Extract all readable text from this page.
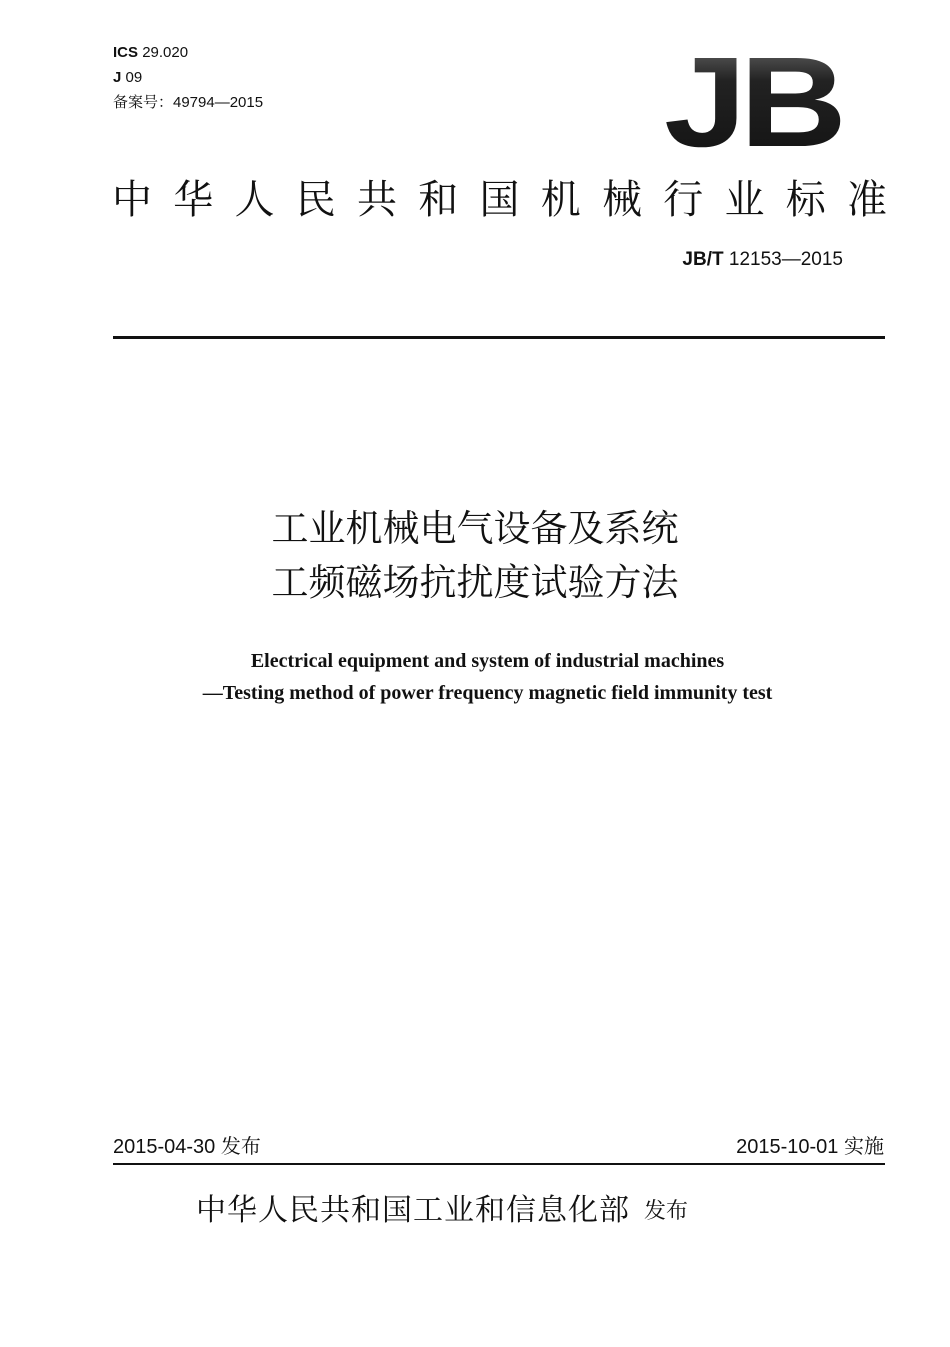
ICS 29.020
J 09
备案号：49794—2015	JB
中 华 人 民 共 和 国 机 械 行 业 标 准
JB/T 12153—2015
工业机械电气设备及系统
工频磁场抗扰度试验方法
Electrical equipment and system of industrial machines
—Testing method of power frequency magnetic field immunity test
2015-04-30 发布	2015-10-01 实施
中华人民共和国工业和信息化部 发布
